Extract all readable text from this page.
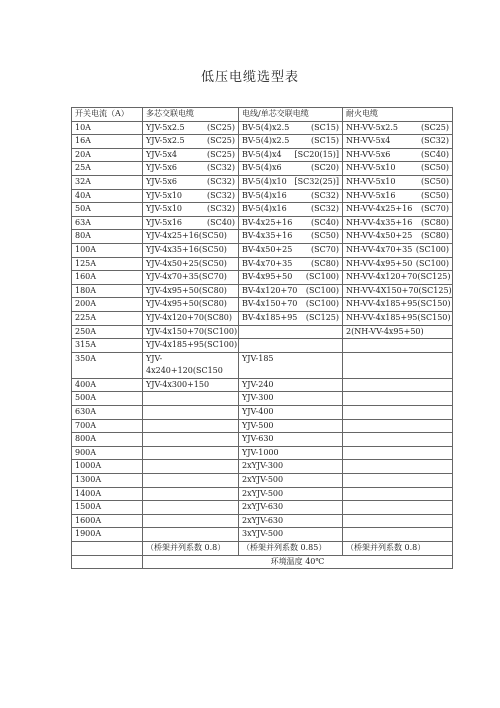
低压电缆选型表
开关电流（A）	多芯交联电缆	电线/单芯交联电缆	耐火电缆
10A	YJV-5x2.5 (SC25)	BV-5(4)x2.5 (SC15)	NH-VV-5x2.5 (SC25)

16A	YJV-5x2.5 (SC25)	BV-5(4)x2.5 (SC15)	NH-VV-5x4 (SC32)

20A	YJV-5x4 (SC25)	BV-5(4)x4 [SC20(15)]	NH-VV-5x6 (SC40)

25A	YJV-5x6 (SC32)	BV-5(4)x6 (SC20)	NH-VV-5x10 (SC50)

32A	YJV-5x6 (SC32)	BV-5(4)x10 [SC32(25)]	NH-VV-5x10 (SC50)

40A	YJV-5x10 (SC32)	BV-5(4)x16 (SC32)	NH-VV-5x16 (SC50)

50A	YJV-5x10 (SC32)	BV-5(4)x16 (SC32)	NH-VV-4x25+16 (SC70)

63A	YJV-5x16 (SC40)	BV-4x25+16 (SC40)	NH-VV-4x35+16 (SC80)

80A	YJV-4x25+16(SC50)	BV-4x35+16 (SC50)	NH-VV-4x50+25 (SC80)

100A	YJV-4x35+16(SC50)	BV-4x50+25 (SC70)	NH-VV-4x70+35 (SC100)

125A	YJV-4x50+25(SC50)	BV-4x70+35 (SC80)	NH-VV-4x95+50 (SC100)

160A	YJV-4x70+35(SC70)	BV-4x95+50 (SC100)	NH-VV-4x120+70 (SC125)

180A	YJV-4x95+50(SC80)	BV-4x120+70 (SC100)	NH-VV-4X150+70(SC125)

200A	YJV-4x95+50(SC80)	BV-4x150+70 (SC100)	NH-VV-4x185+95(SC150)

225A	YJV-4x120+70(SC80)	BV-4x185+95 (SC125)	NH-VV-4x185+95(SC150)

250A	YJV-4x150+70(SC100)		2(NH-VV-4x95+50)

315A	YJV-4x185+95(SC100)		

350A	YJV-4x240+120(SC150	YJV-185	

400A	YJV-4x300+150	YJV-240	

500A		YJV-300	

630A		YJV-400	

700A		YJV-500	

800A		YJV-630	

900A		YJV-1000	

1000A		2xYJV-300	

1300A		2xYJV-500	

1400A		2xYJV-500	

1500A		2xYJV-630	

1600A		2xYJV-630	

1900A		3xYJV-500	

	（桥架并列系数 0.8）	（桥架并列系数 0.85）	（桥架并列系数 0.8）
	环境温度 40℃		
